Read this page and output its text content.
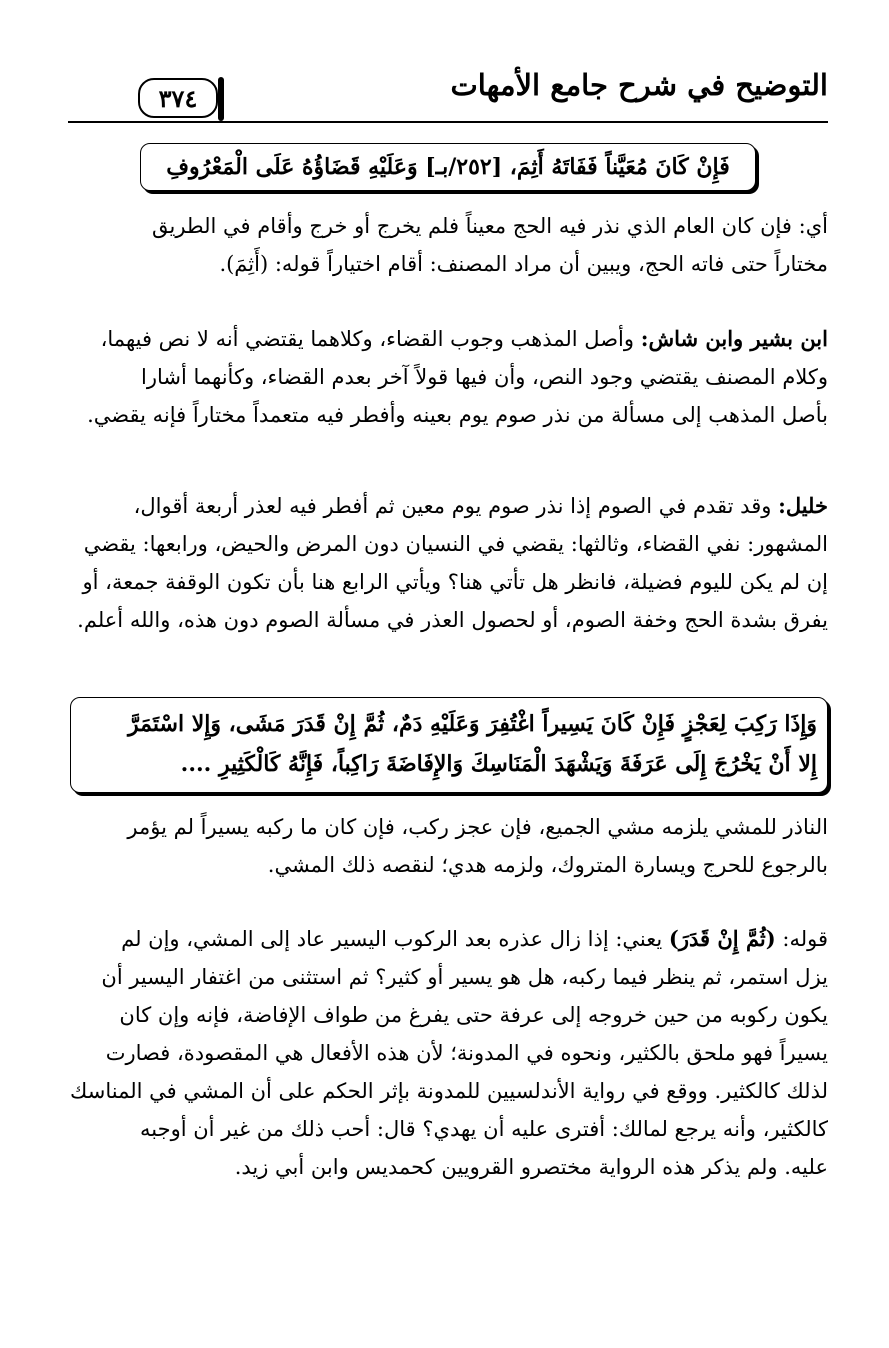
٣٧٤	التوضيح في شرح جامع الأمهات
فَإِنْ كَانَ مُعَيَّناً فَفَاتَهُ أَثِمَ، [٢٥٢/بـ] وَعَلَيْهِ قَضَاؤُهُ عَلَى الْمَعْرُوفِ
أي: فإن كان العام الذي نذر فيه الحج معيناً فلم يخرج أو خرج وأقام في الطريق
مختاراً حتى فاته الحج، ويبين أن مراد المصنف: أقام اختياراً قوله: (أَثِمَ).
ابن بشير وابن شاش: وأصل المذهب وجوب القضاء، وكلاهما يقتضي أنه لا نص فيهما،
وكلام المصنف يقتضي وجود النص، وأن فيها قولاً آخر بعدم القضاء، وكأنهما أشارا
بأصل المذهب إلى مسألة من نذر صوم يوم بعينه وأفطر فيه متعمداً مختاراً فإنه يقضي.
خليل: وقد تقدم في الصوم إذا نذر صوم يوم معين ثم أفطر فيه لعذر أربعة أقوال،
المشهور: نفي القضاء، وثالثها: يقضي في النسيان دون المرض والحيض، ورابعها: يقضي
إن لم يكن لليوم فضيلة، فانظر هل تأتي هنا؟ ويأتي الرابع هنا بأن تكون الوقفة جمعة، أو
يفرق بشدة الحج وخفة الصوم، أو لحصول العذر في مسألة الصوم دون هذه، والله أعلم.
وَإِذَا رَكِبَ لِعَجْزٍ فَإِنْ كَانَ يَسِيراً اغْتُفِرَ وَعَلَيْهِ دَمٌ، ثُمَّ إِنْ قَدَرَ مَشَى، وَإِلا اسْتَمَرَّ
إِلا أَنْ يَخْرُجَ إِلَى عَرَفَةَ وَيَشْهَدَ الْمَنَاسِكَ وَالإِفَاضَةَ رَاكِباً، فَإِنَّهُ كَالْكَثِيرِ ....
الناذر للمشي يلزمه مشي الجميع، فإن عجز ركب، فإن كان ما ركبه يسيراً لم يؤمر
بالرجوع للحرج ويسارة المتروك، ولزمه هدي؛ لنقصه ذلك المشي.
قوله: (ثُمَّ إِنْ قَدَرَ) يعني: إذا زال عذره بعد الركوب اليسير عاد إلى المشي، وإن لم
يزل استمر، ثم ينظر فيما ركبه، هل هو يسير أو كثير؟ ثم استثنى من اغتفار اليسير أن
يكون ركوبه من حين خروجه إلى عرفة حتى يفرغ من طواف الإفاضة، فإنه وإن كان
يسيراً فهو ملحق بالكثير، ونحوه في المدونة؛ لأن هذه الأفعال هي المقصودة، فصارت
لذلك كالكثير. ووقع في رواية الأندلسيين للمدونة بإثر الحكم على أن المشي في المناسك
كالكثير، وأنه يرجع لمالك: أفترى عليه أن يهدي؟ قال: أحب ذلك من غير أن أوجبه
عليه. ولم يذكر هذه الرواية مختصرو القرويين كحمديس وابن أبي زيد.
